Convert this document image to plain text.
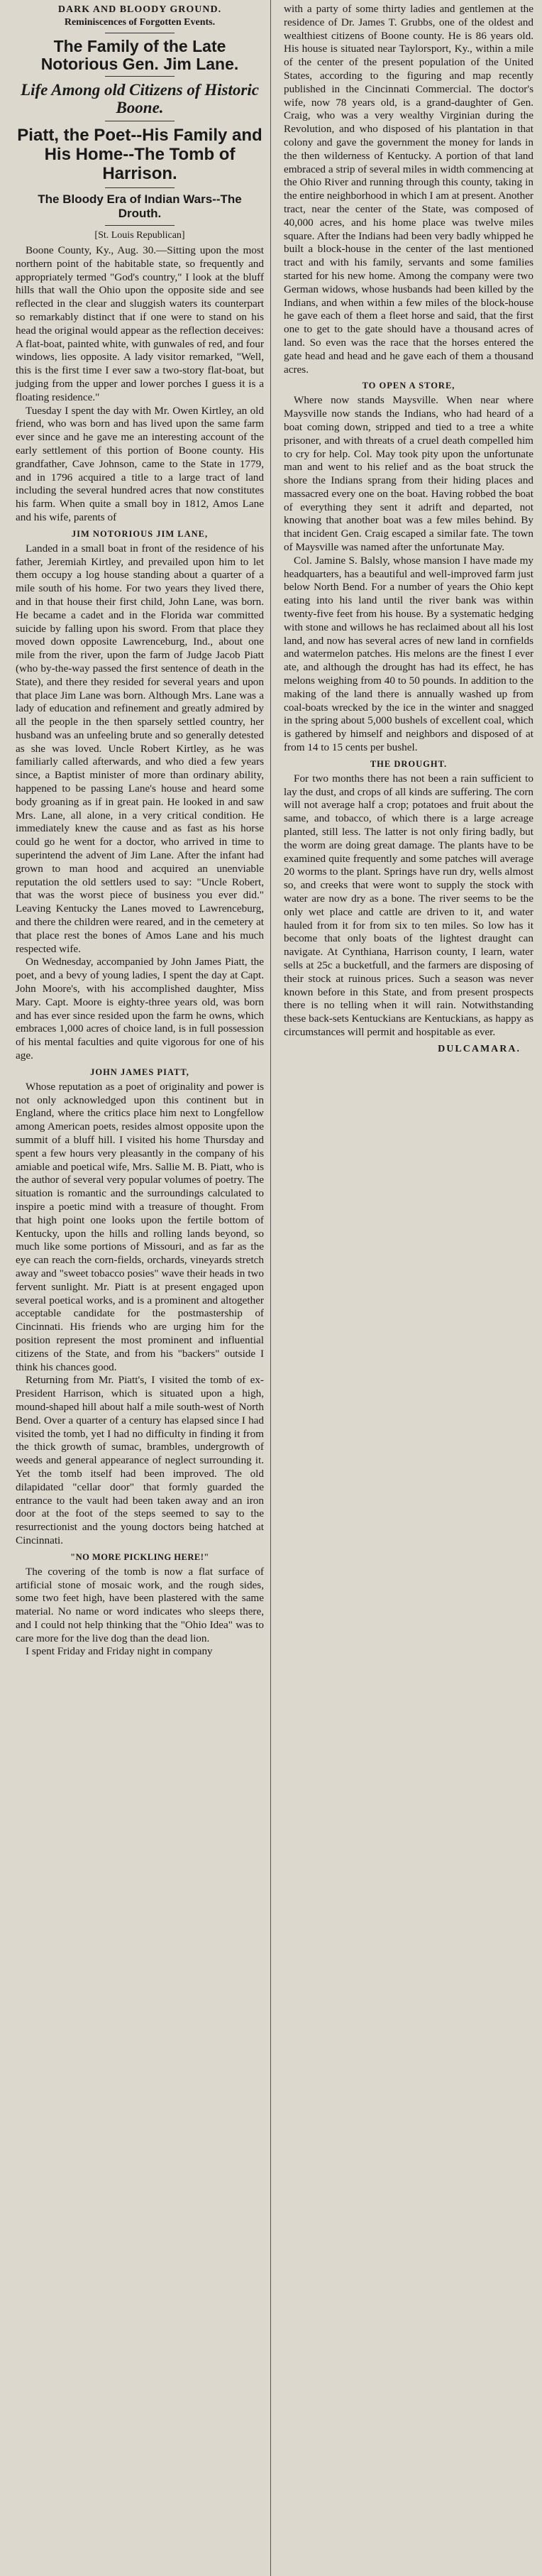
DARK AND BLOODY GROUND.
Reminiscences of Forgotten Events.
The Family of the Late Notorious Gen. Jim Lane.
Life Among old Citizens of Historic Boone.
Piatt, the Poet--His Family and His Home--The Tomb of Harrison.
The Bloody Era of Indian Wars--The Drouth.
[St. Louis Republican]

Boone County, Ky., Aug. 30.—Sitting upon the most northern point of the habitable state, so frequently and appropriately termed "God's country," I look at the bluff hills that wall the Ohio upon the opposite side and see reflected in the clear and sluggish waters its counterpart so remarkably distinct that if one were to stand on his head the original would appear as the reflection deceives: A flat-boat, painted white, with gunwales of red, and four windows, lies opposite. A lady visitor remarked, "Well, this is the first time I ever saw a two-story flat-boat, but judging from the upper and lower porches I guess it is a floating residence."

Tuesday I spent the day with Mr. Owen Kirtley, an old friend, who was born and has lived upon the same farm ever since and he gave me an interesting account of the early settlement of this portion of Boone county. His grandfather, Cave Johnson, came to the State in 1779, and in 1796 acquired a title to a large tract of land including the several hundred acres that now constitutes his farm. When quite a small boy in 1812, Amos Lane and his wife, parents of

JIM NOTORIOUS JIM LANE,

Landed in a small boat in front of the residence of his father, Jeremiah Kirtley, and prevailed upon him to let them occupy a log house standing about a quarter of a mile south of his home. For two years they lived there, and in that house their first child, John Lane, was born. He became a cadet and in the Florida war committed suicide by falling upon his sword. From that place they moved down opposite Lawrenceburg, Ind., about one mile from the river, upon the farm of Judge Jacob Piatt (who by-the-way passed the first sentence of death in the State), and there they resided for several years and upon that place Jim Lane was born. Although Mrs. Lane was a lady of education and refinement and greatly admired by all the people in the then sparsely settled country, her husband was an unfeeling brute and so generally detested as she was loved. Uncle Robert Kirtley, as he was familiarly called afterwards, and who died a few years since, a Baptist minister of more than ordinary ability, happened to be passing Lane's house and heard some body groaning as if in great pain. He looked in and saw Mrs. Lane, all alone, in a very critical condition. He immediately knew the cause and as fast as his horse could go he went for a doctor, who arrived in time to superintend the advent of Jim Lane. After the infant had grown to man hood and acquired an unenviable reputation the old settlers used to say: "Uncle Robert, that was the worst piece of business you ever did." Leaving Kentucky the Lanes moved to Lawrenceburg, and there the children were reared, and in the cemetery at that place rest the bones of Amos Lane and his much respected wife.

On Wednesday, accompanied by John James Piatt, the poet, and a bevy of young ladies, I spent the day at Capt. John Moore's, with his accomplished daughter, Miss Mary. Capt. Moore is eighty-three years old, was born and has ever since resided upon the farm he owns, which embraces 1,000 acres of choice land, is in full possession of his mental faculties and quite vigorous for one of his age.

JOHN JAMES PIATT,

Whose reputation as a poet of originality and power is not only acknowledged upon this continent but in England, where the critics place him next to Longfellow among American poets, resides almost opposite upon the summit of a bluff hill. I visited his home Thursday and spent a few hours very pleasantly in the company of his amiable and poetical wife, Mrs. Sallie M. B. Piatt, who is the author of several very popular volumes of poetry. The situation is romantic and the surroundings calculated to inspire a poetic mind with a treasure of thought. From that high point one looks upon the fertile bottom of Kentucky, upon the hills and rolling lands beyond, so much like some portions of Missouri, and as far as the eye can reach the corn-fields, orchards, vineyards stretch away and "sweet tobacco posies" wave their heads in two fervent sunlight. Mr. Piatt is at present engaged upon several poetical works, and is a prominent and altogether acceptable candidate for the postmastership of Cincinnati. His friends who are urging him for the position represent the most prominent and influential citizens of the State, and from his "backers" outside I think his chances good.

Returning from Mr. Piatt's, I visited the tomb of ex-President Harrison, which is situated upon a high, mound-shaped hill about half a mile south-west of North Bend. Over a quarter of a century has elapsed since I had visited the tomb, yet I had no difficulty in finding it from the thick growth of sumac, brambles, undergrowth of weeds and general appearance of neglect surrounding it. Yet the tomb itself had been improved. The old dilapidated "cellar door" that formly guarded the entrance to the vault had been taken away and an iron door at the foot of the steps seemed to say to the resurrectionist and the young doctors being hatched at Cincinnati.

"NO MORE PICKLING HERE!"

The covering of the tomb is now a flat surface of artificial stone of mosaic work, and the rough sides, some two feet high, have been plastered with the same material. No name or word indicates who sleeps there, and I could not help thinking that the "Ohio Idea" was to care more for the live dog than the dead lion.

I spent Friday and Friday night in company

with a party of some thirty ladies and gentlemen at the residence of Dr. James T. Grubbs, one of the oldest and wealthiest citizens of Boone county. He is 86 years old. His house is situated near Taylorsport, Ky., within a mile of the center of the present population of the United States, according to the figuring and map recently published in the Cincinnati Commercial. The doctor's wife, now 78 years old, is a grand-daughter of Gen. Craig, who was a very wealthy Virginian during the Revolution, and who disposed of his plantation in that colony and gave the government the money for lands in the then wilderness of Kentucky. A portion of that land embraced a strip of several miles in width commencing at the Ohio River and running through this county, taking in the entire neighborhood in which I am at present. Another tract, near the center of the State, was composed of 40,000 acres, and his home place was twelve miles square. After the Indians had been very badly whipped he built a block-house in the center of the last mentioned tract and with his family, servants and some families started for his new home. Among the company were two German widows, whose husbands had been killed by the Indians, and when within a few miles of the block-house he gave each of them a fleet horse and said, that the first one to get to the gate should have a thousand acres of land. So even was the race that the horses entered the gate head and head and he gave each of them a thousand acres.

TO OPEN A STORE,

Where now stands Maysville. When near where Maysville now stands the Indians, who had heard of a boat coming down, stripped and tied to a tree a white prisoner, and with threats of a cruel death compelled him to cry for help. Col. May took pity upon the unfortunate man and went to his relief and as the boat struck the shore the Indians sprang from their hiding places and massacred every one on the boat. Having robbed the boat of everything they sent it adrift and departed, not knowing that another boat was a few miles behind. By that incident Gen. Craig escaped a similar fate. The town of Maysville was named after the unfortunate May.

Col. Jamine S. Balsly, whose mansion I have made my headquarters, has a beautiful and well-improved farm just below North Bend. For a number of years the Ohio kept eating into his land until the river bank was within twenty-five feet from his house. By a systematic hedging with stone and willows he has reclaimed about all his lost land, and now has several acres of new land in cornfields and watermelon patches. His melons are the finest I ever ate, and although the drought has had its effect, he has melons weighing from 40 to 50 pounds. In addition to the making of the land there is annually washed up from coal-boats wrecked by the ice in the winter and snagged in the spring about 5,000 bushels of excellent coal, which is gathered by himself and neighbors and disposed of at from 14 to 15 cents per bushel.

THE DROUGHT.

For two months there has not been a rain sufficient to lay the dust, and crops of all kinds are suffering. The corn will not average half a crop; potatoes and fruit about the same, and tobacco, of which there is a large acreage planted, still less. The latter is not only firing badly, but the worm are doing great damage. The plants have to be examined quite frequently and some patches will average 20 worms to the plant. Springs have run dry, wells almost so, and creeks that were wont to supply the stock with water are now dry as a bone. The river seems to be the only wet place and cattle are driven to it, and water hauled from it for from six to ten miles. So low has it become that only boats of the lightest draught can navigate. At Cynthiana, Harrison county, I learn, water sells at 25c a bucketfull, and the farmers are disposing of their stock at ruinous prices. Such a season was never known before in this State, and from present prospects there is no telling when it will rain. Notwithstanding these back-sets Kentuckians are Kentuckians, as happy as circumstances will permit and hospitable as ever.

DULCAMARA.
